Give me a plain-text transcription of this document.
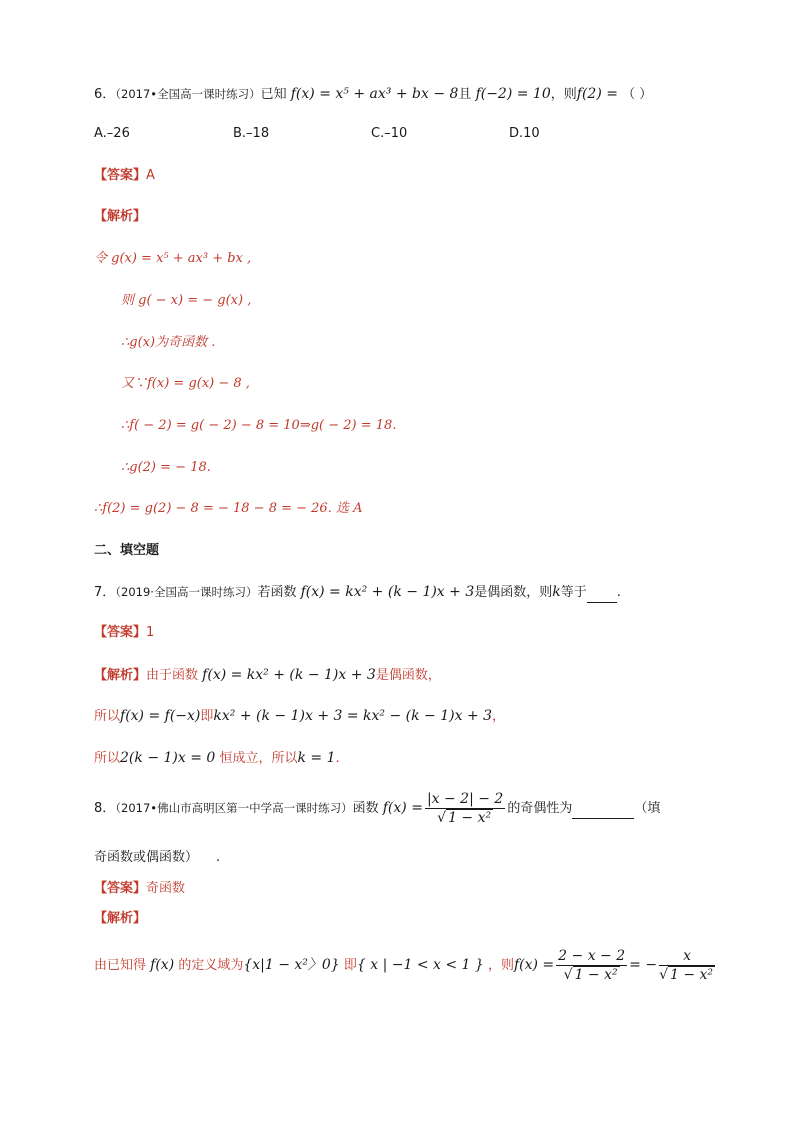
6．（2017•全国高一课时练习）已知 f(x) = x⁵ + ax³ + bx − 8且 f(−2) = 10，则f(2) = （ ）
A.–26	B.–18	C.–10	D.10
【答案】A
【解析】
令 g(x) = x⁵ + ax³ + bx ,
则 g( − x) = − g(x) ,
∴g(x)为奇函数 .
又∵f(x) = g(x) − 8 ,
∴f( − 2) = g( − 2) − 8 = 10⇒g( − 2) = 18.
∴g(2) = − 18.
∴f(2) = g(2) − 8 = − 18 − 8 = − 26. 选 A
二、填空题
7．（2019·全国高一课时练习）若函数 f(x) = kx² + (k − 1)x + 3是偶函数，则k等于 .
【答案】1
【解析】由于函数 f(x) = kx² + (k − 1)x + 3是偶函数，
所以f(x) = f(−x)即kx² + (k − 1)x + 3 = kx² − (k − 1)x + 3，
所以2(k − 1)x = 0 恒成立，所以k = 1.
8．（2017•佛山市高明区第一中学高一课时练习）函数 $f(x) = \frac{|x - 2| - 2}{\text{√ 1 − x²}}$ 的奇偶性为	（填
奇函数或偶函数） .
【答案】奇函数
【解析】
由已知得 f(x) 的定义域为{x|1 − x²〉0} 即{ x | −1 < x < 1 } ，则$f(x) = \frac{2 - x - 2}{\text{√ 1 − x²}}$ = − $\frac{x}{\text{√ 1 − x²}}$
